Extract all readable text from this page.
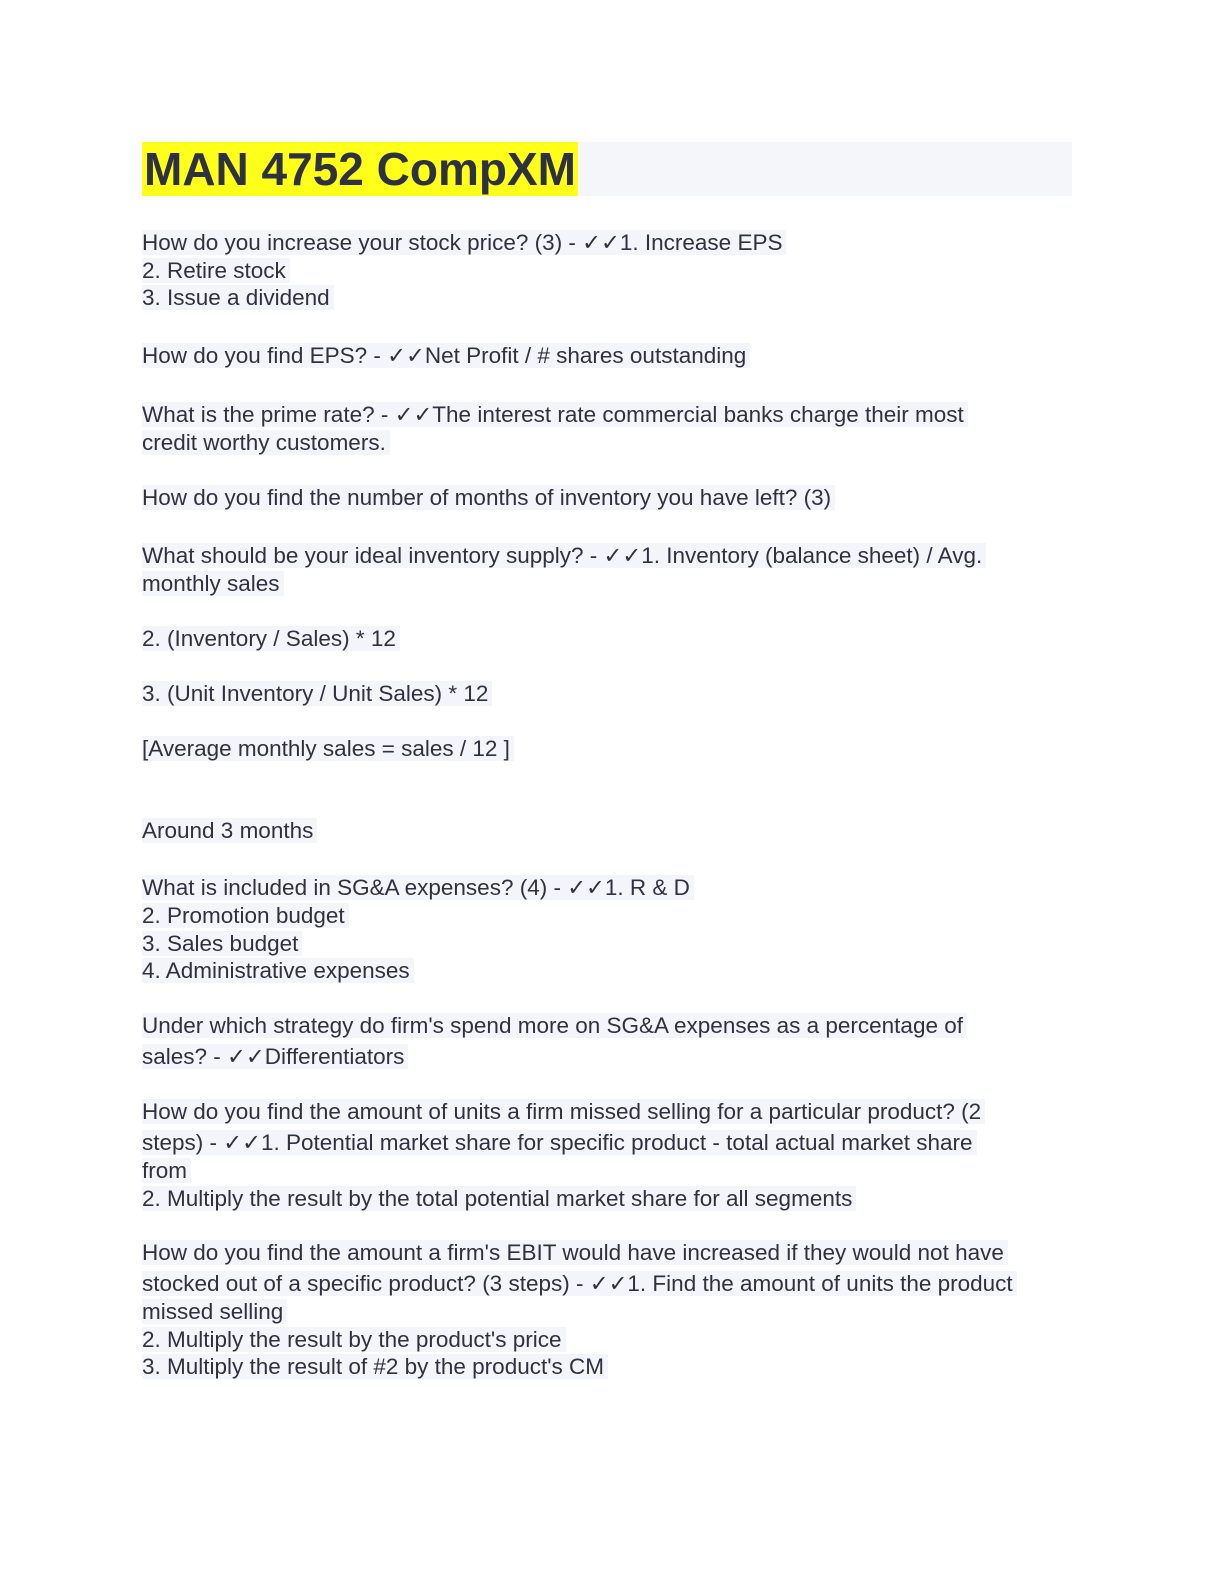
MAN 4752 CompXM
How do you increase your stock price? (3) - ✓✓1. Increase EPS
2. Retire stock
3. Issue a dividend
How do you find EPS? - ✓✓Net Profit / # shares outstanding
What is the prime rate? - ✓✓The interest rate commercial banks charge their most
credit worthy customers.
How do you find the number of months of inventory you have left? (3)
What should be your ideal inventory supply? - ✓✓1. Inventory (balance sheet) / Avg.
monthly sales
2. (Inventory / Sales) * 12
3. (Unit Inventory / Unit Sales) * 12
[Average monthly sales = sales / 12 ]
Around 3 months
What is included in SG&A expenses? (4) - ✓✓1. R & D
2. Promotion budget
3. Sales budget
4. Administrative expenses
Under which strategy do firm's spend more on SG&A expenses as a percentage of
sales? - ✓✓Differentiators
How do you find the amount of units a firm missed selling for a particular product? (2
steps) - ✓✓1. Potential market share for specific product - total actual market share
from
2. Multiply the result by the total potential market share for all segments
How do you find the amount a firm's EBIT would have increased if they would not have
stocked out of a specific product? (3 steps) - ✓✓1. Find the amount of units the product
missed selling
2. Multiply the result by the product's price
3. Multiply the result of #2 by the product's CM
